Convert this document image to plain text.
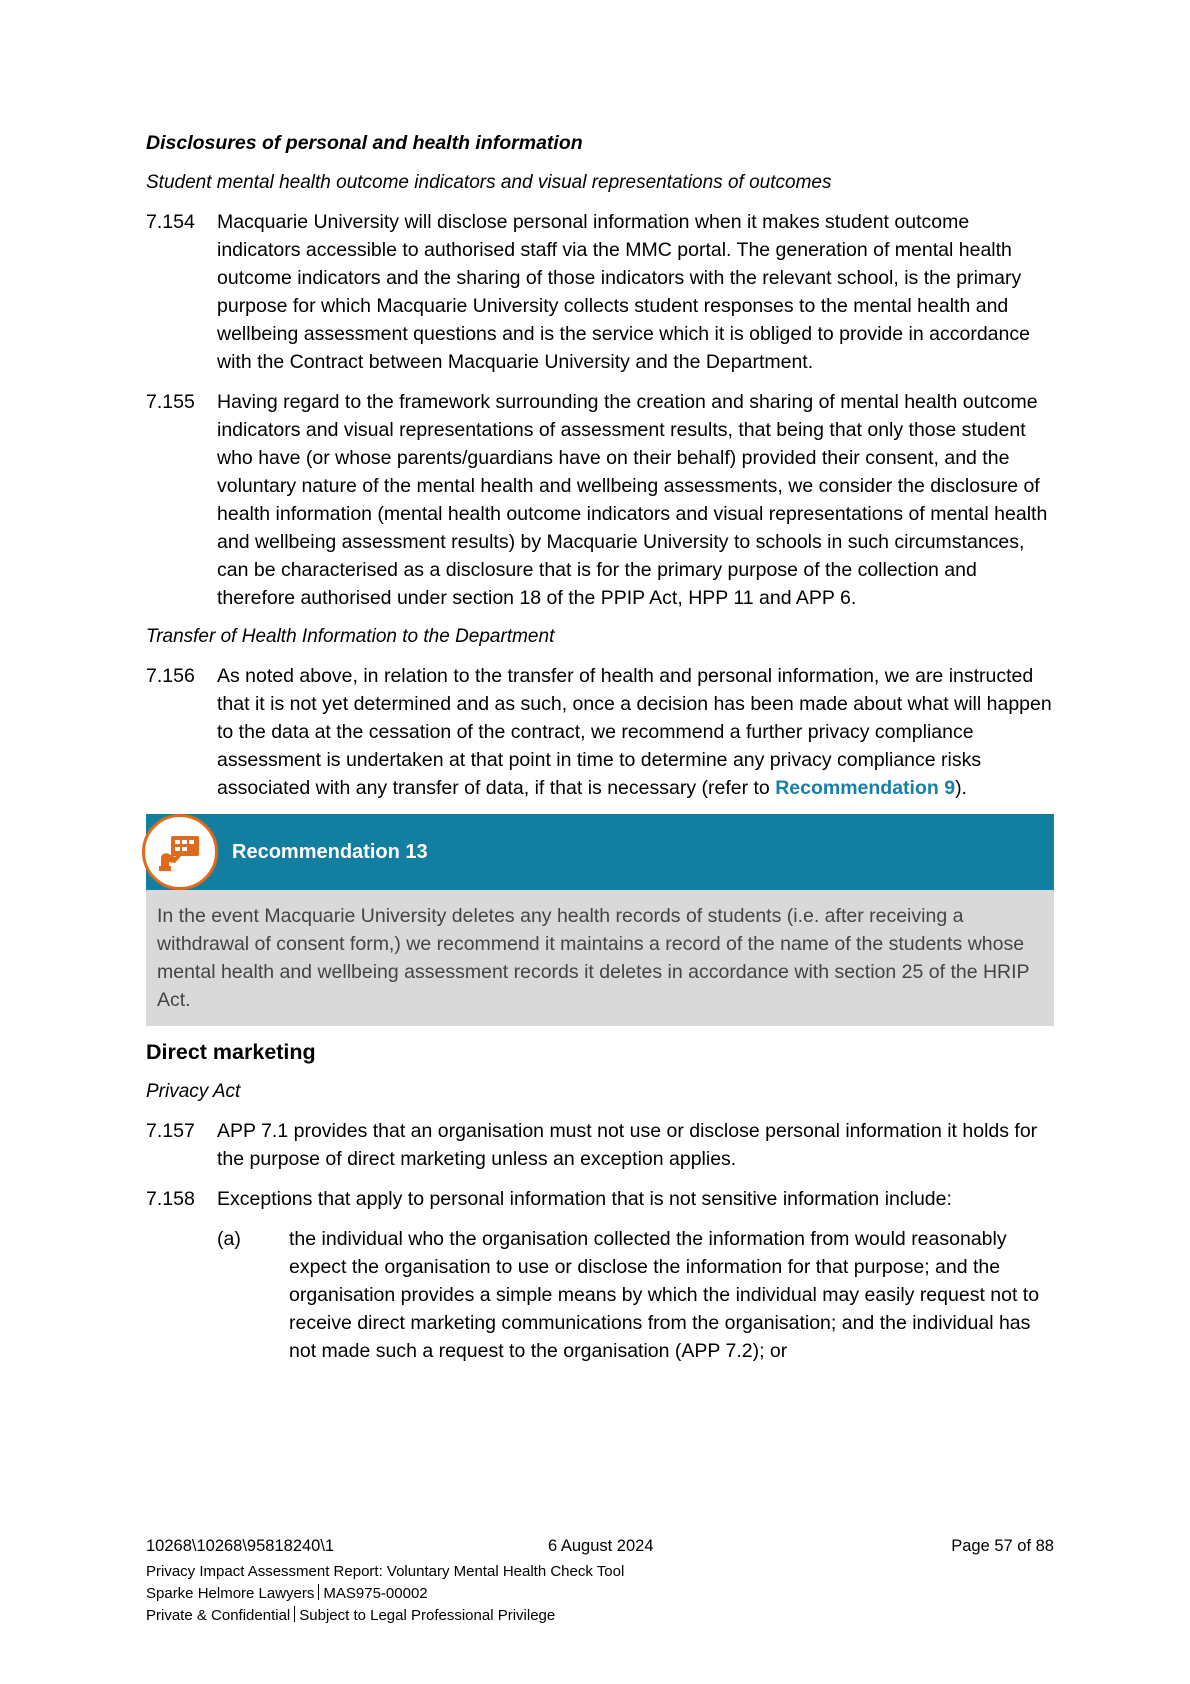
Disclosures of personal and health information
Student mental health outcome indicators and visual representations of outcomes
7.154	Macquarie University will disclose personal information when it makes student outcome indicators accessible to authorised staff via the MMC portal. The generation of mental health outcome indicators and the sharing of those indicators with the relevant school, is the primary purpose for which Macquarie University collects student responses to the mental health and wellbeing assessment questions and is the service which it is obliged to provide in accordance with the Contract between Macquarie University and the Department.
7.155	Having regard to the framework surrounding the creation and sharing of mental health outcome indicators and visual representations of assessment results, that being that only those student who have (or whose parents/guardians have on their behalf) provided their consent, and the voluntary nature of the mental health and wellbeing assessments, we consider the disclosure of health information (mental health outcome indicators and visual representations of mental health and wellbeing assessment results) by Macquarie University to schools in such circumstances, can be characterised as a disclosure that is for the primary purpose of the collection and therefore authorised under section 18 of the PPIP Act, HPP 11 and APP 6.
Transfer of Health Information to the Department
7.156	As noted above, in relation to the transfer of health and personal information, we are instructed that it is not yet determined and as such, once a decision has been made about what will happen to the data at the cessation of the contract, we recommend a further privacy compliance assessment is undertaken at that point in time to determine any privacy compliance risks associated with any transfer of data, if that is necessary (refer to Recommendation 9).
Recommendation 13
In the event Macquarie University deletes any health records of students (i.e. after receiving a withdrawal of consent form,) we recommend it maintains a record of the name of the students whose mental health and wellbeing assessment records it deletes in accordance with section 25 of the HRIP Act.
Direct marketing
Privacy Act
7.157	APP 7.1 provides that an organisation must not use or disclose personal information it holds for the purpose of direct marketing unless an exception applies.
7.158	Exceptions that apply to personal information that is not sensitive information include:
(a)	the individual who the organisation collected the information from would reasonably expect the organisation to use or disclose the information for that purpose; and the organisation provides a simple means by which the individual may easily request not to receive direct marketing communications from the organisation; and the individual has not made such a request to the organisation (APP 7.2); or
10268\10268\95818240\1	6 August 2024	Page 57 of 88
Privacy Impact Assessment Report: Voluntary Mental Health Check Tool
Sparke Helmore Lawyers MAS975-00002
Private & Confidential Subject to Legal Professional Privilege
